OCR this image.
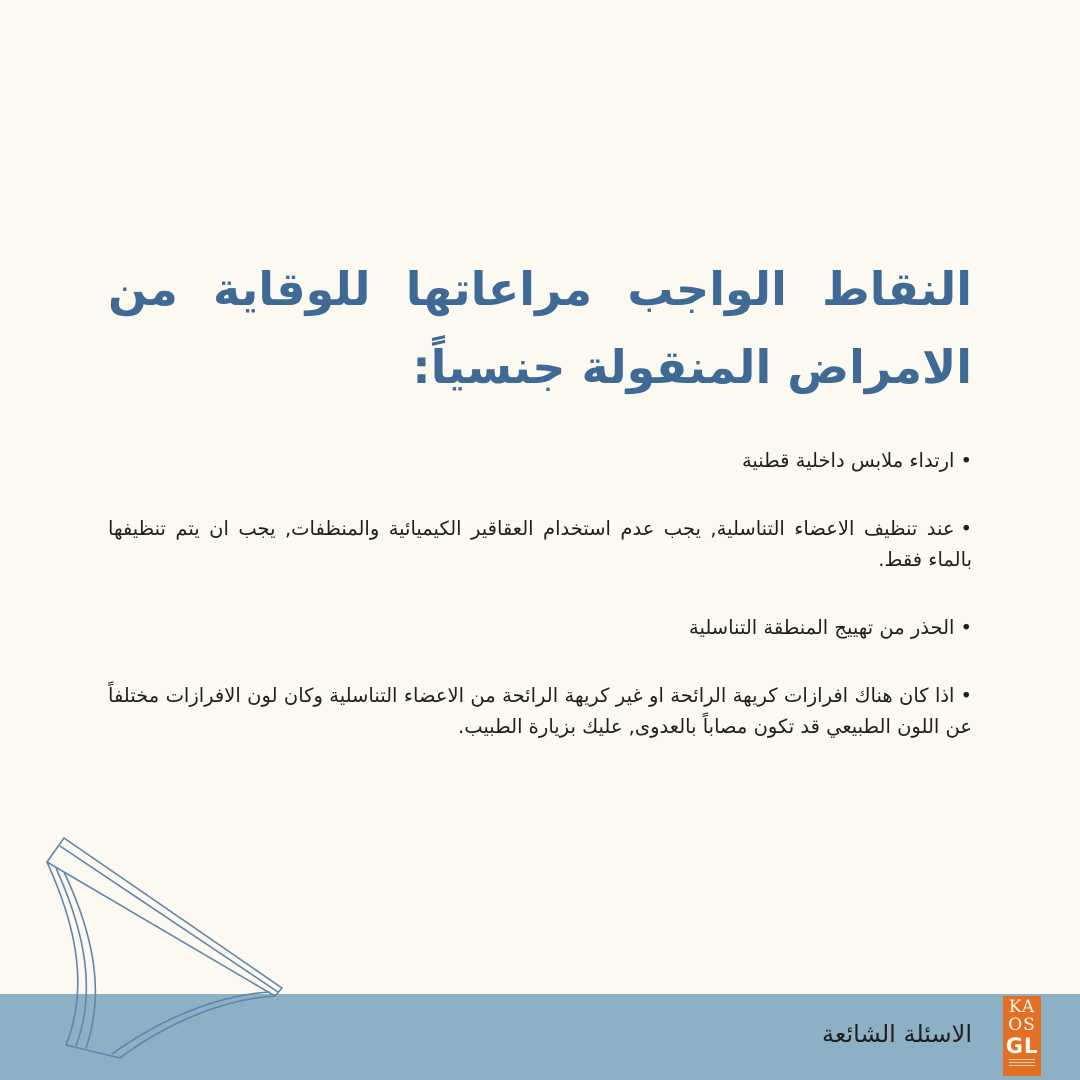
النقاط الواجب مراعاتها للوقاية من الامراض المنقولة جنسياً:
•ارتداء ملابس داخلية قطنية
•عند تنظيف الاعضاء التناسلية, يجب عدم استخدام العقاقير الكيميائية والمنظفات, يجب ان يتم تنظيفها بالماء فقط.
•الحذر من تهييج المنطقة التناسلية
•اذا كان هناك افرازات كريهة الرائحة او غير كريهة الرائحة من الاعضاء التناسلية وكان لون الافرازات مختلفاً عن اللون الطبيعي قد تكون مصاباً بالعدوى, عليك بزيارة الطبيب.
الاسئلة الشائعة
KA
OS
GL
